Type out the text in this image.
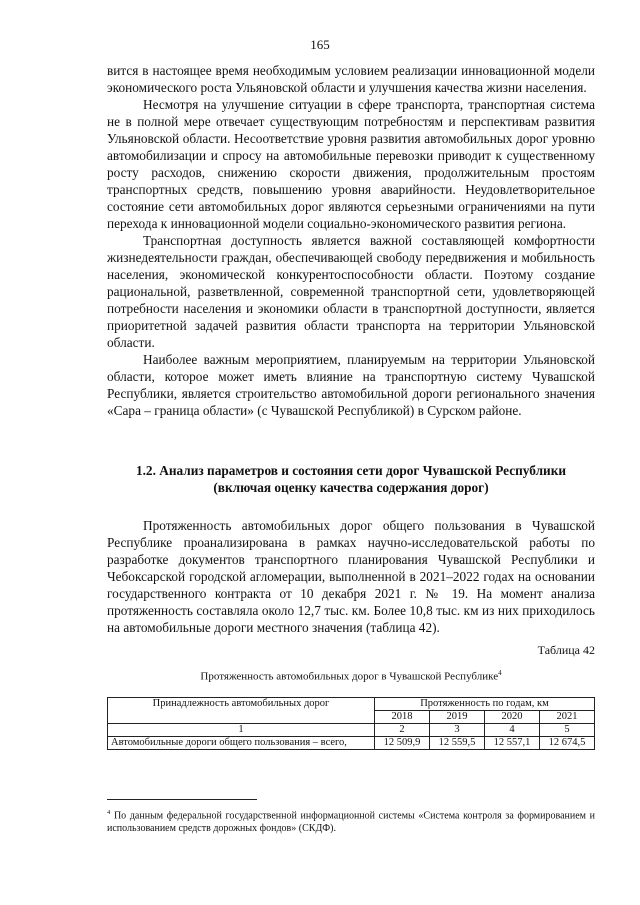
165

вится в настоящее время необходимым условием реализации инновационной модели экономического роста Ульяновской области и улучшения качества жизни населения.

Несмотря на улучшение ситуации в сфере транспорта, транспортная система не в полной мере отвечает существующим потребностям и перспективам развития Ульяновской области. Несоответствие уровня развития автомобильных дорог уровню автомобилизации и спросу на автомобильные перевозки приводит к существенному росту расходов, снижению скорости движения, продолжительным простоям транспортных средств, повышению уровня аварийности. Неудовлетворительное состояние сети автомобильных дорог являются серьезными ограничениями на пути перехода к инновационной модели социально-экономического развития региона.

Транспортная доступность является важной составляющей комфортности жизнедеятельности граждан, обеспечивающей свободу передвижения и мобильность населения, экономической конкурентоспособности области. Поэтому создание рациональной, разветвленной, современной транспортной сети, удовлетворяющей потребности населения и экономики области в транспортной доступности, является приоритетной задачей развития области транспорта на территории Ульяновской области.

Наиболее важным мероприятием, планируемым на территории Ульяновской области, которое может иметь влияние на транспортную систему Чувашской Республики, является строительство автомобильной дороги регионального значения «Сара – граница области» (с Чувашской Республикой) в Сурском районе.

1.2. Анализ параметров и состояния сети дорог Чувашской Республики
(включая оценку качества содержания дорог)

Протяженность автомобильных дорог общего пользования в Чувашской Республике проанализирована в рамках научно-исследовательской работы по разработке документов транспортного планирования Чувашской Республики и Чебоксарской городской агломерации, выполненной в 2021–2022 годах на основании государственного контракта от 10 декабря 2021 г. № 19. На момент анализа протяженность составляла около 12,7 тыс. км. Более 10,8 тыс. км из них приходилось на автомобильные дороги местного значения (таблица 42).

Таблица 42
Протяженность автомобильных дорог в Чувашской Республике$^4$
Принадлежность автомобильных дорог	Протяженность по годам, км			
	2018	2019	2020	2021
1	2	3	4	5
Автомобильные дороги общего пользования – всего,	12 509,9	12 559,5	12 557,1	12 674,5
$^4$ По данным федеральной государственной информационной системы «Система контроля за формированием и использованием средств дорожных фондов» (СКДФ).
